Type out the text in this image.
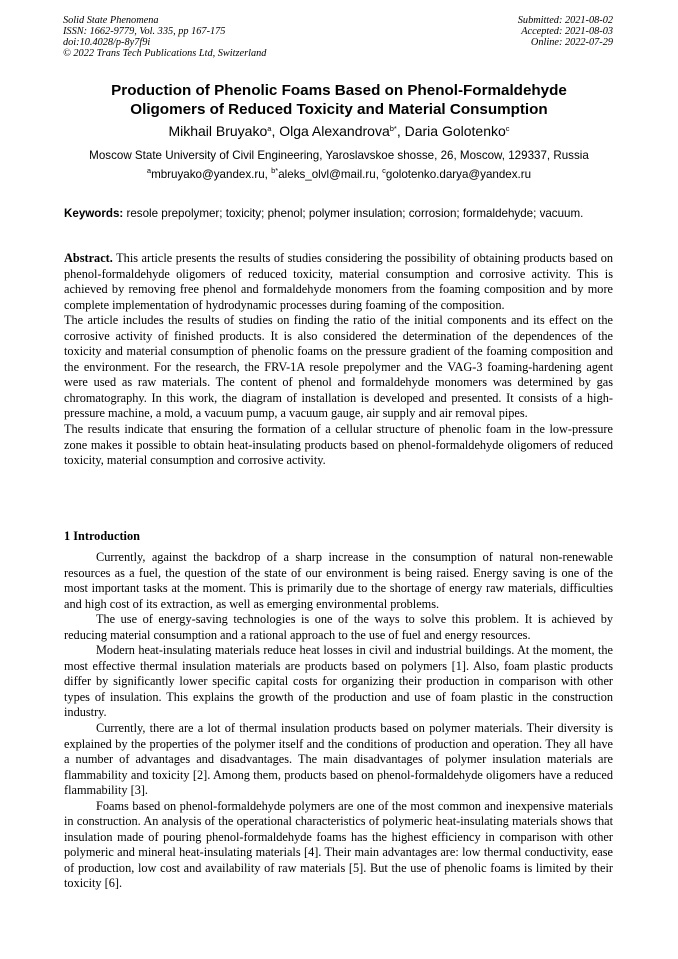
Solid State Phenomena
ISSN: 1662-9779, Vol. 335, pp 167-175
doi:10.4028/p-8y7f9i
© 2022 Trans Tech Publications Ltd, Switzerland
Submitted: 2021-08-02
Accepted: 2021-08-03
Online: 2022-07-29
Production of Phenolic Foams Based on Phenol-Formaldehyde
Oligomers of Reduced Toxicity and Material Consumption
Mikhail Bruyako$^a$, Olga Alexandrova$^{b*}$, Daria Golotenko$^c$
Moscow State University of Civil Engineering, Yaroslavskoe shosse, 26, Moscow, 129337, Russia
$^a$mbruyako@yandex.ru, $^{b*}$aleks_olvl@mail.ru, $^c$golotenko.darya@yandex.ru
Keywords: resole prepolymer; toxicity; phenol; polymer insulation; corrosion; formaldehyde; vacuum.

Abstract. This article presents the results of studies considering the possibility of obtaining products based on phenol-formaldehyde oligomers of reduced toxicity, material consumption and corrosive activity. This is achieved by removing free phenol and formaldehyde monomers from the foaming composition and by more complete implementation of hydrodynamic processes during foaming of the composition.

The article includes the results of studies on finding the ratio of the initial components and its effect on the corrosive activity of finished products. It is also considered the determination of the dependences of the toxicity and material consumption of phenolic foams on the pressure gradient of the foaming composition and the environment. For the research, the FRV-1A resole prepolymer and the VAG-3 foaming-hardening agent were used as raw materials. The content of phenol and formaldehyde monomers was determined by gas chromatography. In this work, the diagram of installation is developed and presented. It consists of a high-pressure machine, a mold, a vacuum pump, a vacuum gauge, air supply and air removal pipes.

The results indicate that ensuring the formation of a cellular structure of phenolic foam in the low-pressure zone makes it possible to obtain heat-insulating products based on phenol-formaldehyde oligomers of reduced toxicity, material consumption and corrosive activity.

1 Introduction

Currently, against the backdrop of a sharp increase in the consumption of natural non-renewable resources as a fuel, the question of the state of our environment is being raised. Energy saving is one of the most important tasks at the moment. This is primarily due to the shortage of energy raw materials, difficulties and high cost of its extraction, as well as emerging environmental problems.

The use of energy-saving technologies is one of the ways to solve this problem. It is achieved by reducing material consumption and a rational approach to the use of fuel and energy resources.

Modern heat-insulating materials reduce heat losses in civil and industrial buildings. At the moment, the most effective thermal insulation materials are products based on polymers [1]. Also, foam plastic products differ by significantly lower specific capital costs for organizing their production in comparison with other types of insulation. This explains the growth of the production and use of foam plastic in the construction industry.

Currently, there are a lot of thermal insulation products based on polymer materials. Their diversity is explained by the properties of the polymer itself and the conditions of production and operation. They all have a number of advantages and disadvantages. The main disadvantages of polymer insulation materials are flammability and toxicity [2]. Among them, products based on phenol-formaldehyde oligomers have a reduced flammability [3].

Foams based on phenol-formaldehyde polymers are one of the most common and inexpensive materials in construction. An analysis of the operational characteristics of polymeric heat-insulating materials shows that insulation made of pouring phenol-formaldehyde foams has the highest efficiency in comparison with other polymeric and mineral heat-insulating materials [4]. Their main advantages are: low thermal conductivity, ease of production, low cost and availability of raw materials [5]. But the use of phenolic foams is limited by their toxicity [6].
